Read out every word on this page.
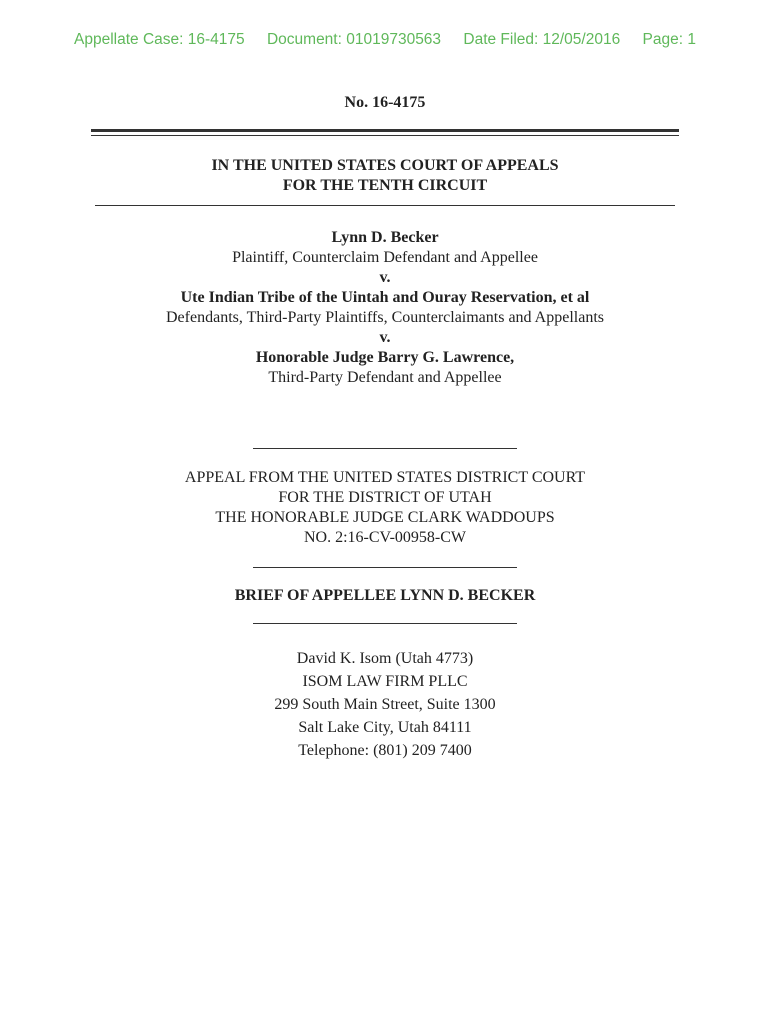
Appellate Case: 16-4175 Document: 01019730563 Date Filed: 12/05/2016 Page: 1
No. 16-4175
IN THE UNITED STATES COURT OF APPEALS
FOR THE TENTH CIRCUIT
Lynn D. Becker
Plaintiff, Counterclaim Defendant and Appellee
v.
Ute Indian Tribe of the Uintah and Ouray Reservation, et al
Defendants, Third-Party Plaintiffs, Counterclaimants and Appellants
v.
Honorable Judge Barry G. Lawrence,
Third-Party Defendant and Appellee
APPEAL FROM THE UNITED STATES DISTRICT COURT
FOR THE DISTRICT OF UTAH
THE HONORABLE JUDGE CLARK WADDOUPS
NO. 2:16-CV-00958-CW
BRIEF OF APPELLEE LYNN D. BECKER
David K. Isom (Utah 4773)
ISOM LAW FIRM PLLC
299 South Main Street, Suite 1300
Salt Lake City, Utah 84111
Telephone: (801) 209 7400
